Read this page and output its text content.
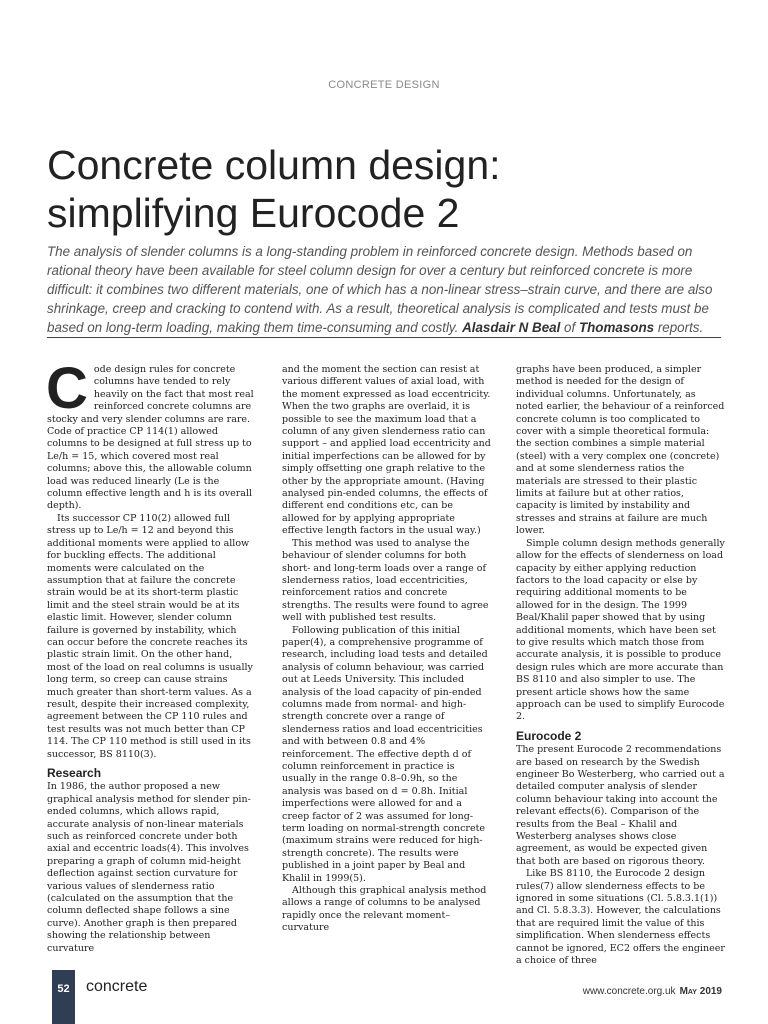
CONCRETE DESIGN
Concrete column design:
simplifying Eurocode 2
The analysis of slender columns is a long-standing problem in reinforced concrete design. Methods based on rational theory have been available for steel column design for over a century but reinforced concrete is more difficult: it combines two different materials, one of which has a non-linear stress–strain curve, and there are also shrinkage, creep and cracking to contend with. As a result, theoretical analysis is complicated and tests must be based on long-term loading, making them time-consuming and costly. Alasdair N Beal of Thomasons reports.
C ode design rules for concrete columns have tended to rely heavily on the fact that most real reinforced concrete columns are stocky and very slender columns are rare. Code of practice CP 114(1) allowed columns to be designed at full stress up to Le/h = 15, which covered most real columns; above this, the allowable column load was reduced linearly (Le is the column effective length and h is its overall depth).

Its successor CP 110(2) allowed full stress up to Le/h = 12 and beyond this additional moments were applied to allow for buckling effects. The additional moments were calculated on the assumption that at failure the concrete strain would be at its short-term plastic limit and the steel strain would be at its elastic limit. However, slender column failure is governed by instability, which can occur before the concrete reaches its plastic strain limit. On the other hand, most of the load on real columns is usually long term, so creep can cause strains much greater than short-term values. As a result, despite their increased complexity, agreement between the CP 110 rules and test results was not much better than CP 114. The CP 110 method is still used in its successor, BS 8110(3).

Research

In 1986, the author proposed a new graphical analysis method for slender pin-ended columns, which allows rapid, accurate analysis of non-linear materials such as reinforced concrete under both axial and eccentric loads(4). This involves preparing a graph of column mid-height deflection against section curvature for various values of slenderness ratio (calculated on the assumption that the column deflected shape follows a sine curve). Another graph is then prepared showing the relationship between curvature

and the moment the section can resist at various different values of axial load, with the moment expressed as load eccentricity. When the two graphs are overlaid, it is possible to see the maximum load that a column of any given slenderness ratio can support – and applied load eccentricity and initial imperfections can be allowed for by simply offsetting one graph relative to the other by the appropriate amount. (Having analysed pin-ended columns, the effects of different end conditions etc, can be allowed for by applying appropriate effective length factors in the usual way.)

This method was used to analyse the behaviour of slender columns for both short- and long-term loads over a range of slenderness ratios, load eccentricities, reinforcement ratios and concrete strengths. The results were found to agree well with published test results.

Following publication of this initial paper(4), a comprehensive programme of research, including load tests and detailed analysis of column behaviour, was carried out at Leeds University. This included analysis of the load capacity of pin-ended columns made from normal- and high-strength concrete over a range of slenderness ratios and load eccentricities and with between 0.8 and 4% reinforcement. The effective depth d of column reinforcement in practice is usually in the range 0.8–0.9h, so the analysis was based on d = 0.8h. Initial imperfections were allowed for and a creep factor of 2 was assumed for long-term loading on normal-strength concrete (maximum strains were reduced for high-strength concrete). The results were published in a joint paper by Beal and Khalil in 1999(5).

Although this graphical analysis method allows a range of columns to be analysed rapidly once the relevant moment–curvature

graphs have been produced, a simpler method is needed for the design of individual columns. Unfortunately, as noted earlier, the behaviour of a reinforced concrete column is too complicated to cover with a simple theoretical formula: the section combines a simple material (steel) with a very complex one (concrete) and at some slenderness ratios the materials are stressed to their plastic limits at failure but at other ratios, capacity is limited by instability and stresses and strains at failure are much lower.

Simple column design methods generally allow for the effects of slenderness on load capacity by either applying reduction factors to the load capacity or else by requiring additional moments to be allowed for in the design. The 1999 Beal/Khalil paper showed that by using additional moments, which have been set to give results which match those from accurate analysis, it is possible to produce design rules which are more accurate than BS 8110 and also simpler to use. The present article shows how the same approach can be used to simplify Eurocode 2.

Eurocode 2

The present Eurocode 2 recommendations are based on research by the Swedish engineer Bo Westerberg, who carried out a detailed computer analysis of slender column behaviour taking into account the relevant effects(6). Comparison of the results from the Beal – Khalil and Westerberg analyses shows close agreement, as would be expected given that both are based on rigorous theory.

Like BS 8110, the Eurocode 2 design rules(7) allow slenderness effects to be ignored in some situations (Cl. 5.8.3.1(1)) and Cl. 5.8.3.3). However, the calculations that are required limit the value of this simplification. When slenderness effects cannot be ignored, EC2 offers the engineer a choice of three

52	concrete	www.concrete.org.uk May 2019
